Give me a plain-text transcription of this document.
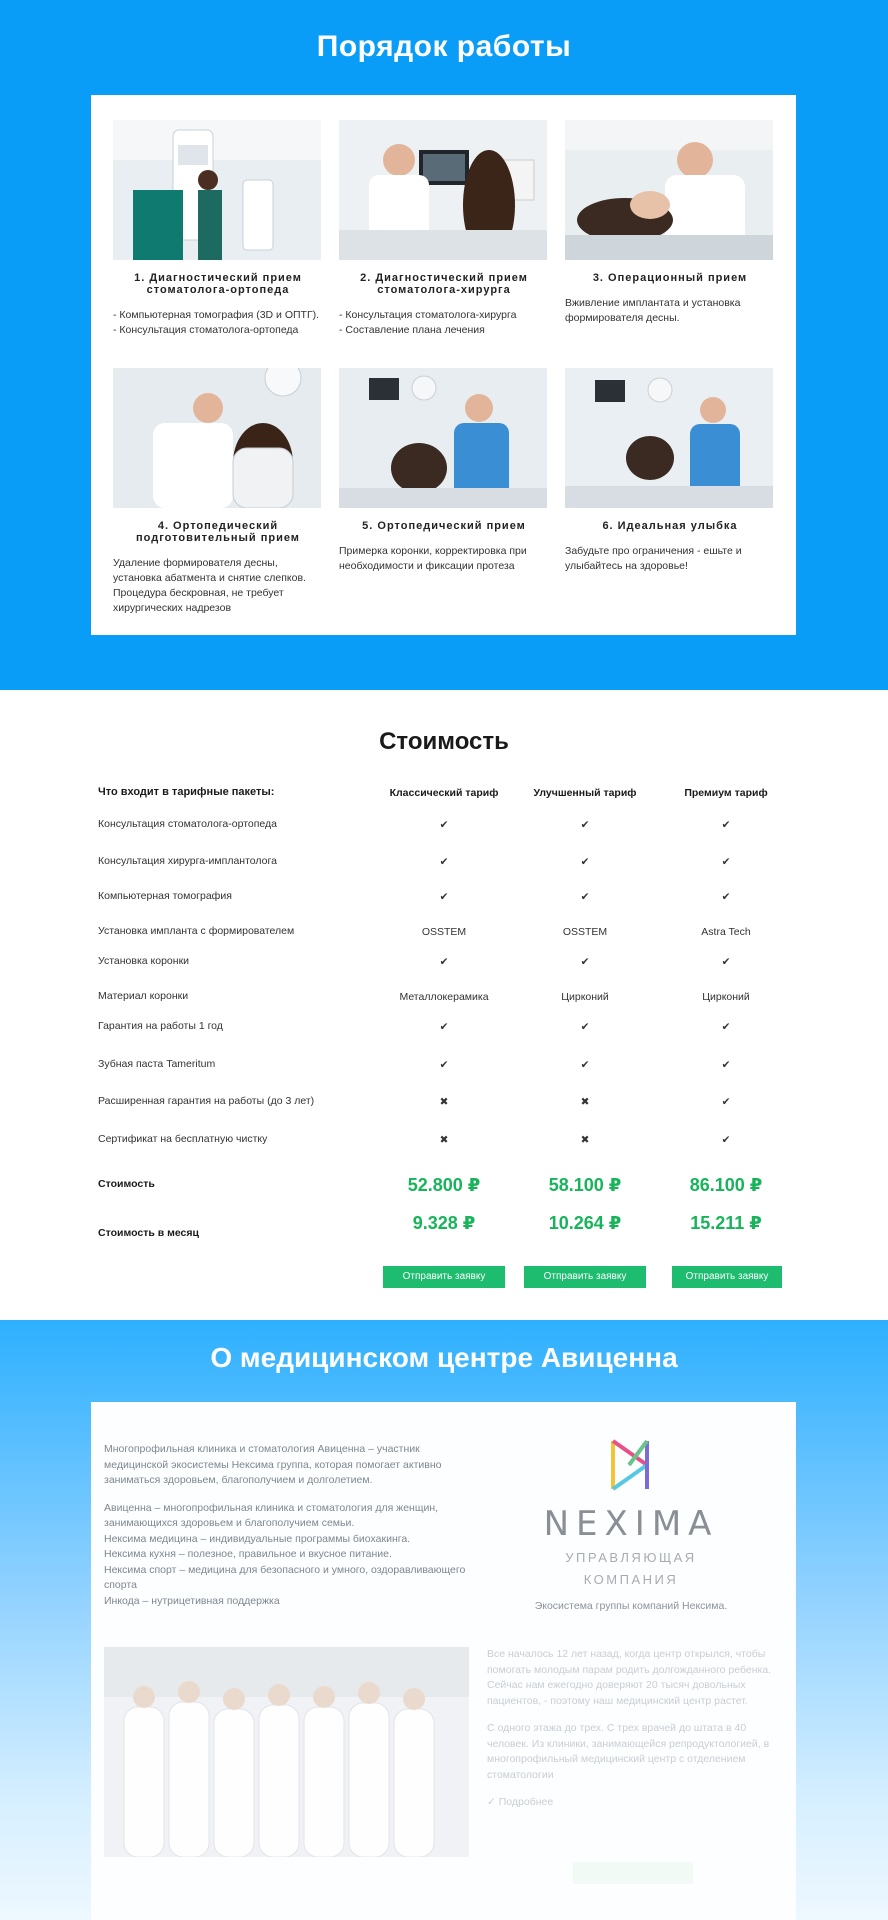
Порядок работы
1. Диагностический прием стоматолога-ортопеда
- Компьютерная томография (3D и ОПТГ).
- Консультация стоматолога-ортопеда
2. Диагностический прием стоматолога-хирурга
- Консультация стоматолога-хирурга
- Составление плана лечения
3. Операционный прием
Вживление имплантата и установка формирователя десны.
4. Ортопедический подготовительный прием
Удаление формирователя десны, установка абатмента и снятие слепков. Процедура бескровная, не требует хирургических надрезов
5. Ортопедический прием
Примерка коронки, корректировка при необходимости и фиксации протеза
6. Идеальная улыбка
Забудьте про ограничения - ешьте и улыбайтесь на здоровье!
Стоимость
Что входит в тарифные пакеты:	Классический тариф	Улучшенный тариф	Премиум тариф
Консультация стоматолога-ортопеда	✔	✔	✔
Консультация хирурга-имплантолога	✔	✔	✔
Компьютерная томография	✔	✔	✔
Установка импланта с формирователем	OSSTEM	OSSTEM	Astra Tech
Установка коронки	✔	✔	✔
Материал коронки	Металлокерамика	Цирконий	Цирконий
Гарантия на работы 1 год	✔	✔	✔
Зубная паста Tameritum	✔	✔	✔
Расширенная гарантия на работы (до 3 лет)	✖	✖	✔
Сертификат на бесплатную чистку	✖	✖	✔
Стоимость	52.800 ₽	58.100 ₽	86.100 ₽
Стоимость в месяц	9.328 ₽	10.264 ₽	15.211 ₽
Отправить заявку	Отправить заявку	Отправить заявку
О медицинском центре Авиценна

Многопрофильная клиника и стоматология Авиценна – участник медицинской экосистемы Нексима группа, которая помогает активно заниматься здоровьем, благополучием и долголетием.

Авиценна – многопрофильная клиника и стоматология для женщин, занимающихся здоровьем и благополучием семьи.
Нексима медицина – индивидуальные программы биохакинга.
Нексима кухня – полезное, правильное и вкусное питание.
Нексима спорт – медицина для безопасного и умного, оздоравливающего спорта
Инкода – нутрицетивная поддержка
NEXIMA
УПРАВЛЯЮЩАЯ
КОМПАНИЯ
Экосистема группы компаний Нексима.

Все началось 12 лет назад, когда центр открылся, чтобы помогать молодым парам родить долгожданного ребенка. Сейчас нам ежегодно доверяют 20 тысяч довольных пациентов, - поэтому наш медицинский центр растет.

С одного этажа до трех. С трех врачей до штата в 40 человек. Из клиники, занимающейся репродуктологией, в многопрофильный медицинский центр с отделением стоматологии

✓ Подробнее
